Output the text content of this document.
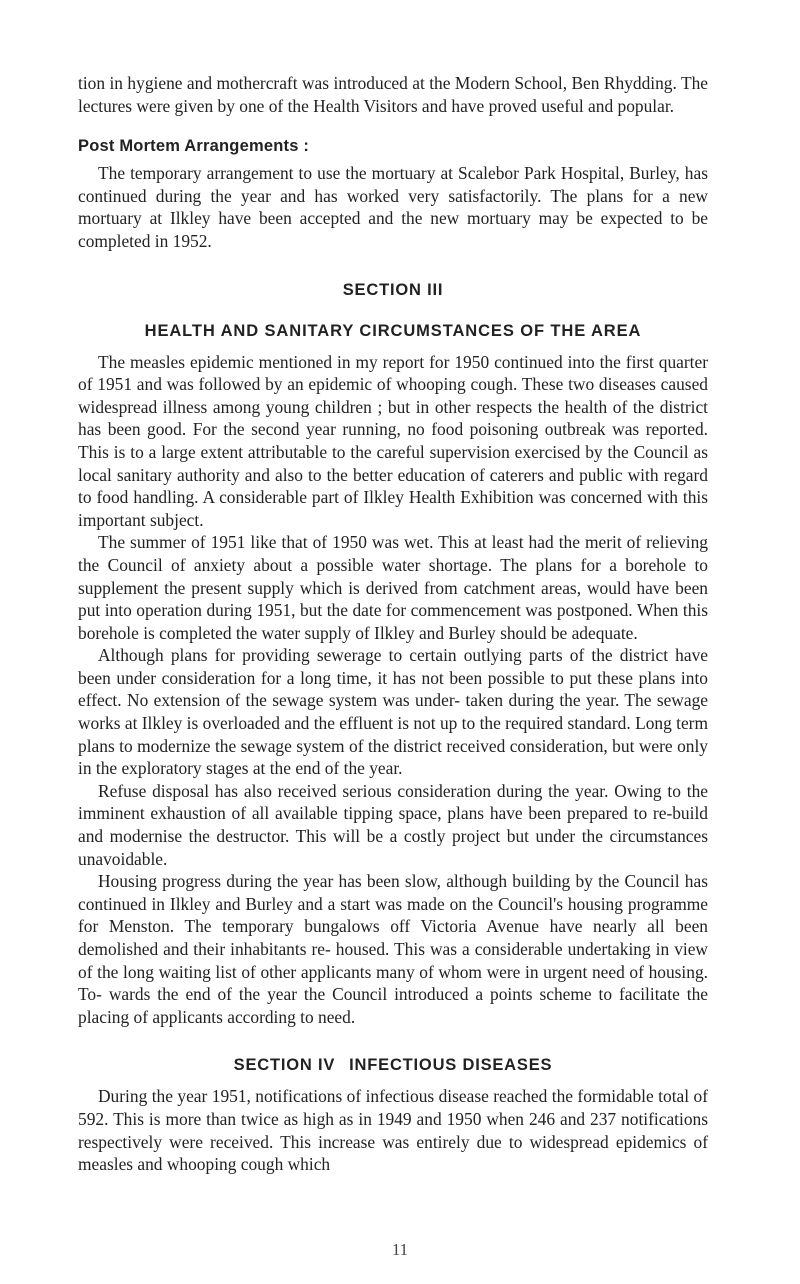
tion in hygiene and mothercraft was introduced at the Modern School, Ben Rhydding. The lectures were given by one of the Health Visitors and have proved useful and popular.

Post Mortem Arrangements :

The temporary arrangement to use the mortuary at Scalebor Park Hospital, Burley, has continued during the year and has worked very satisfactorily. The plans for a new mortuary at Ilkley have been accepted and the new mortuary may be expected to be completed in 1952.

SECTION III
HEALTH AND SANITARY CIRCUMSTANCES OF THE AREA

The measles epidemic mentioned in my report for 1950 continued into the first quarter of 1951 and was followed by an epidemic of whooping cough. These two diseases caused widespread illness among young children ; but in other respects the health of the district has been good. For the second year running, no food poisoning outbreak was reported. This is to a large extent attributable to the careful supervision exercised by the Council as local sanitary authority and also to the better education of caterers and public with regard to food handling. A considerable part of Ilkley Health Exhibition was concerned with this important subject.

The summer of 1951 like that of 1950 was wet. This at least had the merit of relieving the Council of anxiety about a possible water shortage. The plans for a borehole to supplement the present supply which is derived from catchment areas, would have been put into operation during 1951, but the date for commencement was postponed. When this borehole is completed the water supply of Ilkley and Burley should be adequate.

Although plans for providing sewerage to certain outlying parts of the district have been under consideration for a long time, it has not been possible to put these plans into effect. No extension of the sewage system was under- taken during the year. The sewage works at Ilkley is overloaded and the effluent is not up to the required standard. Long term plans to modernize the sewage system of the district received consideration, but were only in the exploratory stages at the end of the year.

Refuse disposal has also received serious consideration during the year. Owing to the imminent exhaustion of all available tipping space, plans have been prepared to re-build and modernise the destructor. This will be a costly project but under the circumstances unavoidable.

Housing progress during the year has been slow, although building by the Council has continued in Ilkley and Burley and a start was made on the Council's housing programme for Menston. The temporary bungalows off Victoria Avenue have nearly all been demolished and their inhabitants re- housed. This was a considerable undertaking in view of the long waiting list of other applicants many of whom were in urgent need of housing. To- wards the end of the year the Council introduced a points scheme to facilitate the placing of applicants according to need.

SECTION IV INFECTIOUS DISEASES

During the year 1951, notifications of infectious disease reached the formidable total of 592. This is more than twice as high as in 1949 and 1950 when 246 and 237 notifications respectively were received. This increase was entirely due to widespread epidemics of measles and whooping cough which

11
